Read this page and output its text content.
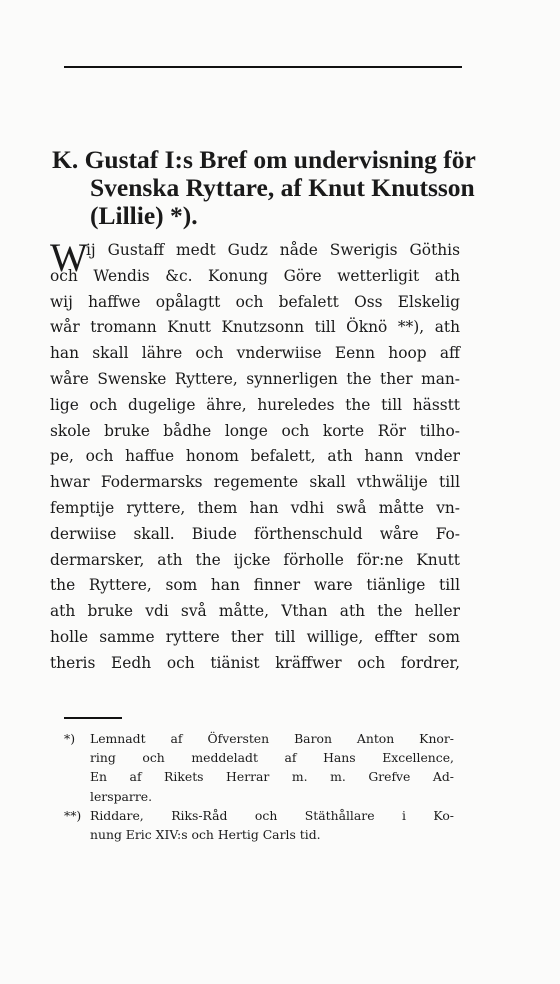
K. Gustaf I:s Bref om undervisning för
Svenska Ryttare, af Knut Knutsson
(Lillie) *).
W
ij Gustaff medt Gudz nåde Swerigis Göthis
och Wendis &c. Konung Göre wetterligit ath
wij haffwe opålagtt och befalett Oss Elskelig
wår tromann Knutt Knutzsonn till Öknö **), ath
han skall lähre och vnderwiise Eenn hoop aff
wåre Swenske Ryttere, synnerligen the ther man-
lige och dugelige ähre, hureledes the till hässtt
skole bruke bådhe longe och korte Rör tilho-
pe, och haffue honom befalett, ath hann vnder
hwar Fodermarsks regemente skall vthwälije till
femptije ryttere, them han vdhi swå måtte vn-
derwiise skall. Biude förthenschuld wåre Fo-
dermarsker, ath the ijcke förholle för:ne Knutt
the Ryttere, som han finner ware tiänlige till
ath bruke vdi svå måtte, Vthan ath the heller
holle samme ryttere ther till willige, effter som
theris Eedh och tiänist kräffwer och fordrer,
*) Lemnadt af Öfversten Baron Anton Knor-
ring och meddeladt af Hans Excellence,
En af Rikets Herrar m. m. Grefve Ad-
lersparre.
**) Riddare, Riks-Råd och Stäthållare i Ko-
nung Eric XIV:s och Hertig Carls tid.
